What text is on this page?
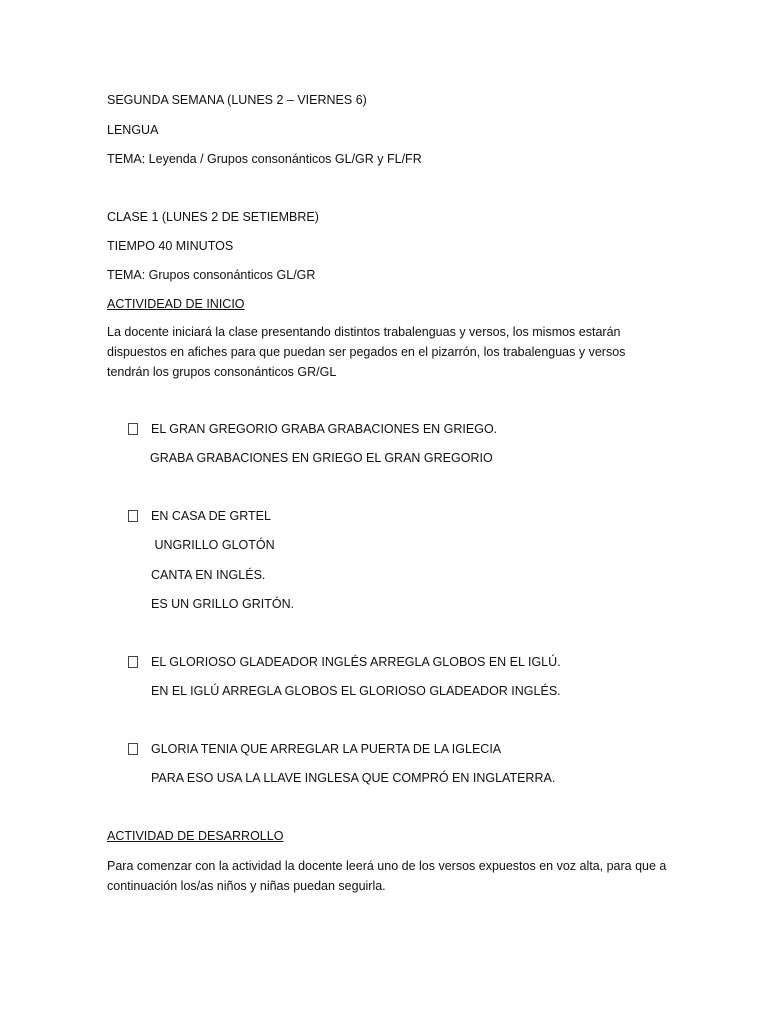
SEGUNDA SEMANA (LUNES 2 – VIERNES 6)
LENGUA
TEMA: Leyenda / Grupos consonánticos GL/GR y FL/FR
CLASE 1 (LUNES 2 DE SETIEMBRE)
TIEMPO 40 MINUTOS
TEMA: Grupos consonánticos GL/GR
ACTIVIDEAD DE INICIO
La docente iniciará la clase presentando distintos trabalenguas y versos, los mismos estarán dispuestos en afiches para que puedan ser pegados en el pizarrón, los trabalenguas y versos tendrán los grupos consonánticos GR/GL
EL GRAN GREGORIO GRABA GRABACIONES EN GRIEGO.
GRABA GRABACIONES EN GRIEGO EL GRAN GREGORIO
EN CASA DE GRTEL
UNGRILLO GLOTÓN
CANTA EN INGLÉS.
ES UN GRILLO GRITÓN.
EL GLORIOSO GLADEADOR INGLÉS ARREGLA GLOBOS EN EL IGLÚ.
EN EL IGLÚ ARREGLA GLOBOS EL GLORIOSO GLADEADOR INGLÉS.
GLORIA TENIA QUE ARREGLAR LA PUERTA DE LA IGLECIA
PARA ESO USA LA LLAVE INGLESA QUE COMPRÓ EN INGLATERRA.
ACTIVIDAD DE DESARROLLO
Para comenzar con la actividad la docente leerá uno de los versos expuestos en voz alta, para que a continuación los/as niños y niñas puedan seguirla.
